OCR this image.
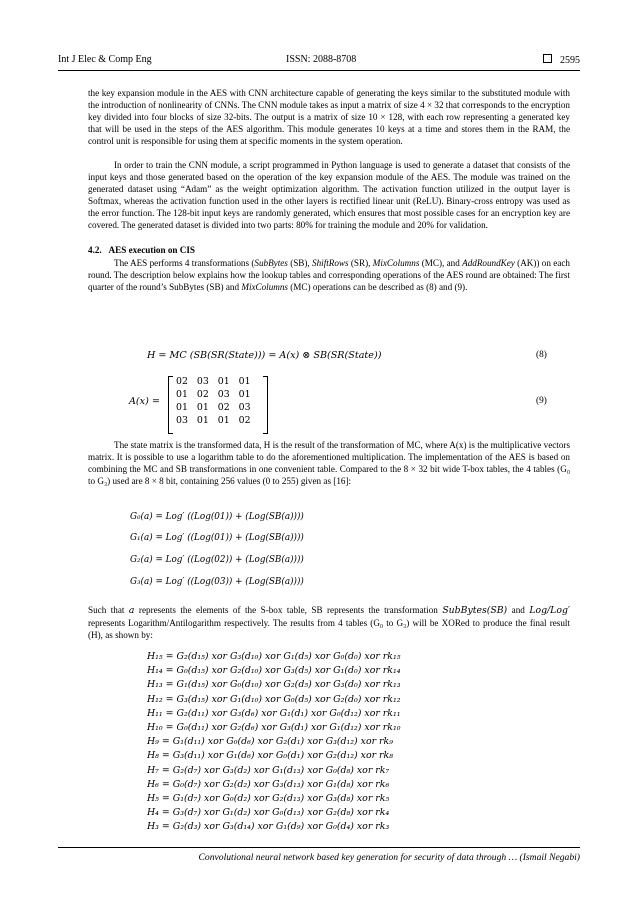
Int J Elec & Comp Eng	ISSN: 2088-8708	2595
the key expansion module in the AES with CNN architecture capable of generating the keys similar to the substituted module with the introduction of nonlinearity of CNNs. The CNN module takes as input a matrix of size 4 × 32 that corresponds to the encryption key divided into four blocks of size 32-bits. The output is a matrix of size 10 × 128, with each row representing a generated key that will be used in the steps of the AES algorithm. This module generates 10 keys at a time and stores them in the RAM, the control unit is responsible for using them at specific moments in the system operation.
In order to train the CNN module, a script programmed in Python language is used to generate a dataset that consists of the input keys and those generated based on the operation of the key expansion module of the AES. The module was trained on the generated dataset using “Adam” as the weight optimization algorithm. The activation function utilized in the output layer is Softmax, whereas the activation function used in the other layers is rectified linear unit (ReLU). Binary-cross entropy was used as the error function. The 128-bit input keys are randomly generated, which ensures that most possible cases for an encryption key are covered. The generated dataset is divided into two parts: 80% for training the module and 20% for validation.
4.2. AES execution on CIS
The AES performs 4 transformations (SubBytes (SB), ShiftRows (SR), MixColumns (MC), and AddRoundKey (AK)) on each round. The description below explains how the lookup tables and corresponding operations of the AES round are obtained: The first quarter of the round’s SubBytes (SB) and MixColumns (MC) operations can be described as (8) and (9).
H = MC (SB(SR(State))) = A(x) ⊗ SB(SR(State))	(8)
A(x) =	(9)
02   03   01   01
01   02   03   01
01   01   02   03
03   01   01   02
The state matrix is the transformed data, H is the result of the transformation of MC, where A(x) is the multiplicative vectors matrix. It is possible to use a logarithm table to do the aforementioned multiplication. The implementation of the AES is based on combining the MC and SB transformations in one convenient table. Compared to the 8 × 32 bit wide T-box tables, the 4 tables (G₀ to G₃) used are 8 × 8 bit, containing 256 values (0 to 255) given as [16]:
G₀(a) = Log′ ((Log(01)) + (Log(SB(a))))
G₁(a) = Log′ ((Log(01)) + (Log(SB(a))))
G₂(a) = Log′ ((Log(02)) + (Log(SB(a))))
G₃(a) = Log′ ((Log(03)) + (Log(SB(a))))
Such that a represents the elements of the S-box table, SB represents the transformation SubBytes(SB) and Log/Log′ represents Logarithm/Antilogarithm respectively. The results from 4 tables (G₀ to G₃) will be XORed to produce the final result (H), as shown by:
H₁₅ = G₂(d₁₅) xor G₃(d₁₀) xor G₁(d₅) xor G₀(d₀) xor rk₁₅
H₁₄ = G₀(d₁₅) xor G₂(d₁₀) xor G₃(d₅) xor G₁(d₀) xor rk₁₄
H₁₃ = G₁(d₁₅) xor G₀(d₁₀) xor G₂(d₅) xor G₃(d₀) xor rk₁₃
H₁₂ = G₃(d₁₅) xor G₁(d₁₀) xor G₀(d₅) xor G₂(d₀) xor rk₁₂
H₁₁ = G₂(d₁₁) xor G₃(d₆) xor G₁(d₁) xor G₀(d₁₂) xor rk₁₁
H₁₀ = G₀(d₁₁) xor G₂(d₆) xor G₃(d₁) xor G₁(d₁₂) xor rk₁₀
H₉ = G₁(d₁₁) xor G₀(d₆) xor G₂(d₁) xor G₃(d₁₂) xor rk₉
H₈ = G₃(d₁₁) xor G₁(d₆) xor G₀(d₁) xor G₂(d₁₂) xor rk₈
H₇ = G₂(d₇) xor G₃(d₂) xor G₁(d₁₃) xor G₀(d₈) xor rk₇
H₆ = G₀(d₇) xor G₂(d₂) xor G₃(d₁₃) xor G₁(d₈) xor rk₆
H₅ = G₁(d₇) xor G₀(d₂) xor G₂(d₁₃) xor G₃(d₈) xor rk₅
H₄ = G₃(d₇) xor G₁(d₂) xor G₀(d₁₃) xor G₂(d₈) xor rk₄
H₃ = G₂(d₃) xor G₃(d₁₄) xor G₁(d₉) xor G₀(d₄) xor rk₃
Convolutional neural network based key generation for security of data through … (Ismail Negabi)
